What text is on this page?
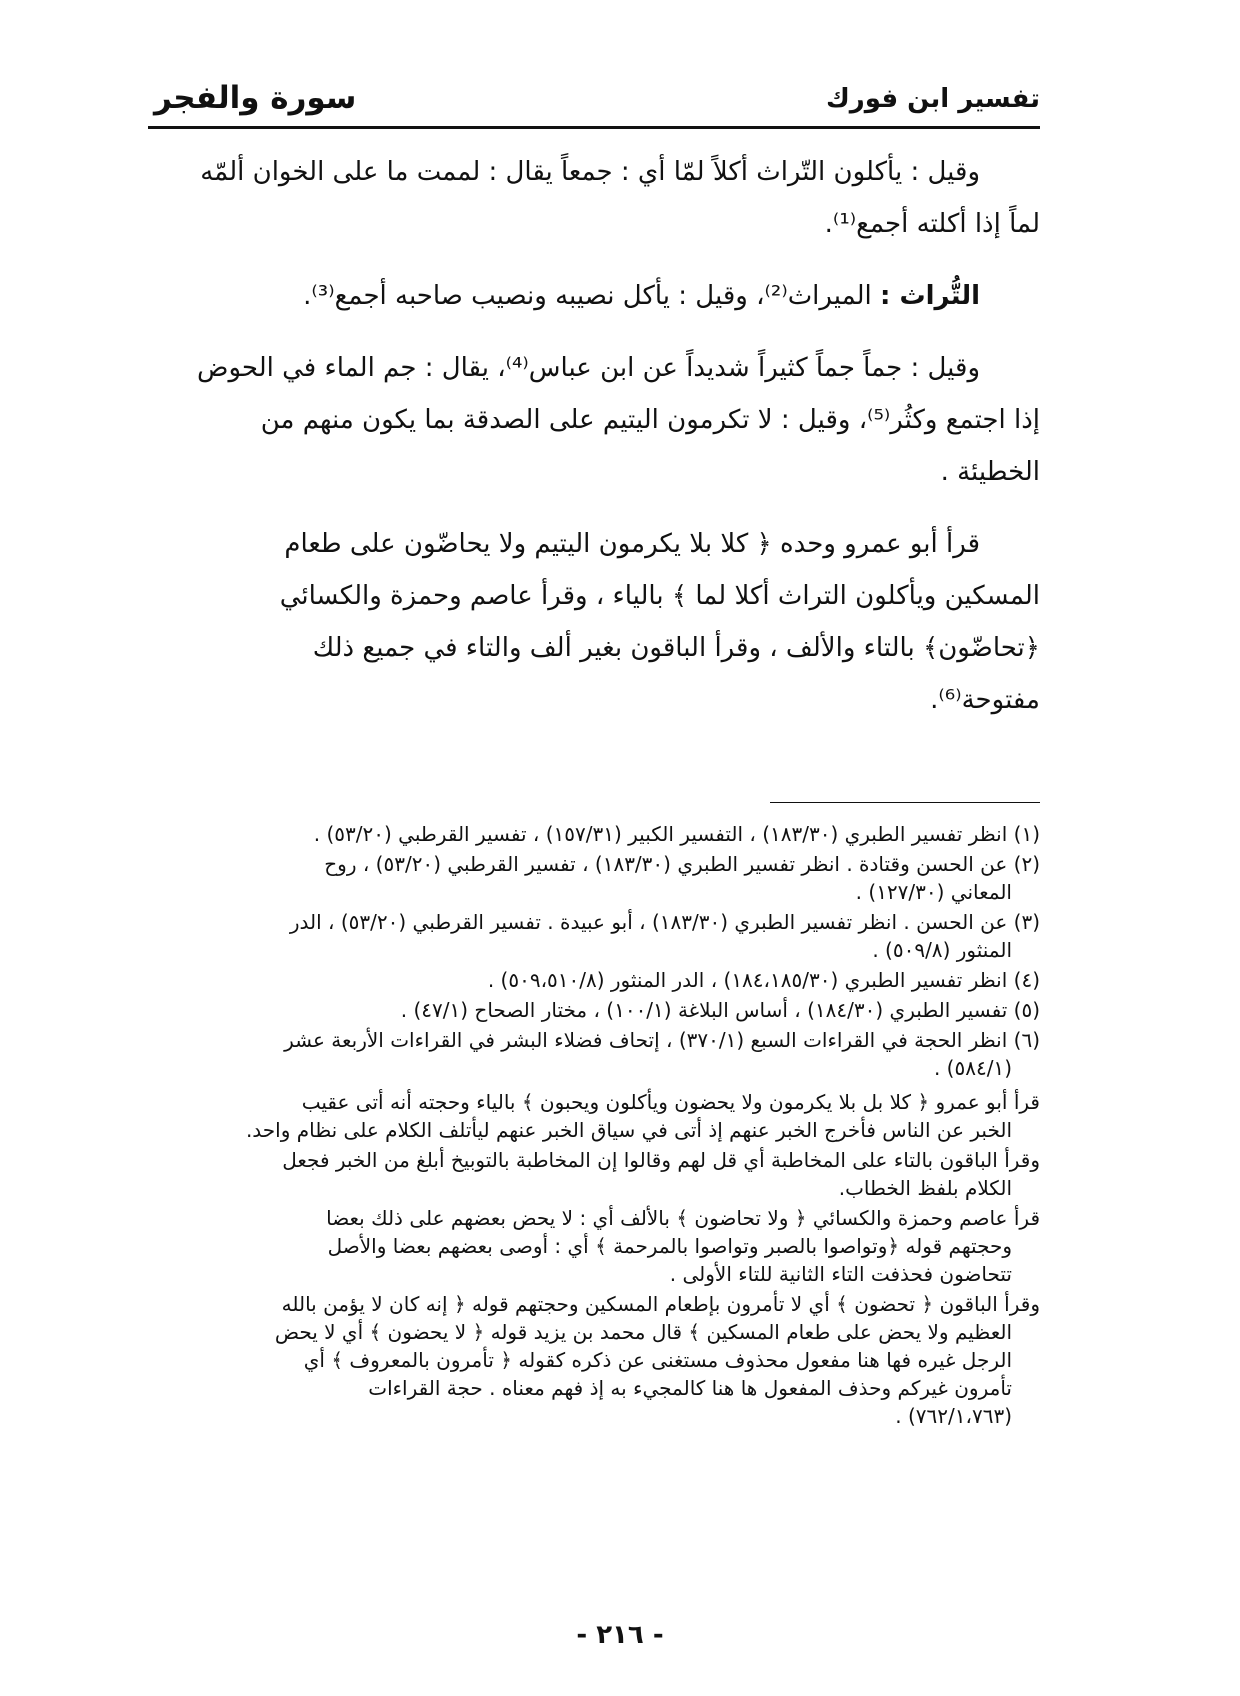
تفسير ابن فورك
سورة والفجر

وقيل : يأكلون التّراث أكلاً لمّا أي : جمعاً يقال : لممت ما على الخوان ألمّه
لماً إذا أكلته أجمع⁽¹⁾.

التُّراث : الميراث⁽²⁾، وقيل : يأكل نصيبه ونصيب صاحبه أجمع⁽³⁾.

وقيل : جماً جماً كثيراً شديداً عن ابن عباس⁽⁴⁾، يقال : جم الماء في الحوض
إذا اجتمع وكثُر⁽⁵⁾، وقيل : لا تكرمون اليتيم على الصدقة بما يكون منهم من
الخطيئة .

قرأ أبو عمرو وحده ﴿ كلا بلا يكرمون اليتيم ولا يحاضّون على طعام
المسكين ويأكلون التراث أكلا لما ﴾ بالياء ، وقرأ عاصم وحمزة والكسائي
﴿تحاضّون﴾ بالتاء والألف ، وقرأ الباقون بغير ألف والتاء في جميع ذلك
مفتوحة⁽⁶⁾.

(١) انظر تفسير الطبري (١٨٣/٣٠) ، التفسير الكبير (١٥٧/٣١) ، تفسير القرطبي (٥٣/٢٠) .

(٢) عن الحسن وقتادة . انظر تفسير الطبري (١٨٣/٣٠) ، تفسير القرطبي (٥٣/٢٠) ، روح
المعاني (١٢٧/٣٠) .

(٣) عن الحسن . انظر تفسير الطبري (١٨٣/٣٠) ، أبو عبيدة . تفسير القرطبي (٥٣/٢٠) ، الدر
المنثور (٥٠٩/٨) .

(٤) انظر تفسير الطبري (١٨٤،١٨٥/٣٠) ، الدر المنثور (٥٠٩،٥١٠/٨) .

(٥) تفسير الطبري (١٨٤/٣٠) ، أساس البلاغة (١٠٠/١) ، مختار الصحاح (٤٧/١) .

(٦) انظر الحجة في القراءات السبع (٣٧٠/١) ، إتحاف فضلاء البشر في القراءات الأربعة عشر
(٥٨٤/١) .

قرأ أبو عمرو ﴿ كلا بل بلا يكرمون ولا يحضون ويأكلون ويحبون ﴾ بالياء وحجته أنه أتى عقيب
الخبر عن الناس فأخرج الخبر عنهم إذ أتى في سياق الخبر عنهم ليأتلف الكلام على نظام واحد.

وقرأ الباقون بالتاء على المخاطبة أي قل لهم وقالوا إن المخاطبة بالتوبيخ أبلغ من الخبر فجعل
الكلام بلفظ الخطاب.

قرأ عاصم وحمزة والكسائي ﴿ ولا تحاضون ﴾ بالألف أي : لا يحض بعضهم على ذلك بعضا
وحجتهم قوله ﴿وتواصوا بالصبر وتواصوا بالمرحمة ﴾ أي : أوصى بعضهم بعضا والأصل
تتحاضون فحذفت التاء الثانية للتاء الأولى .

وقرأ الباقون ﴿ تحضون ﴾ أي لا تأمرون بإطعام المسكين وحجتهم قوله ﴿ إنه كان لا يؤمن بالله
العظيم ولا يحض على طعام المسكين ﴾ قال محمد بن يزيد قوله ﴿ لا يحضون ﴾ أي لا يحض
الرجل غيره فها هنا مفعول محذوف مستغنى عن ذكره كقوله ﴿ تأمرون بالمعروف ﴾ أي
تأمرون غيركم وحذف المفعول ها هنا كالمجيء به إذ فهم معناه . حجة القراءات
(٧٦٢/١،٧٦٣) .

- ٢١٦ -
